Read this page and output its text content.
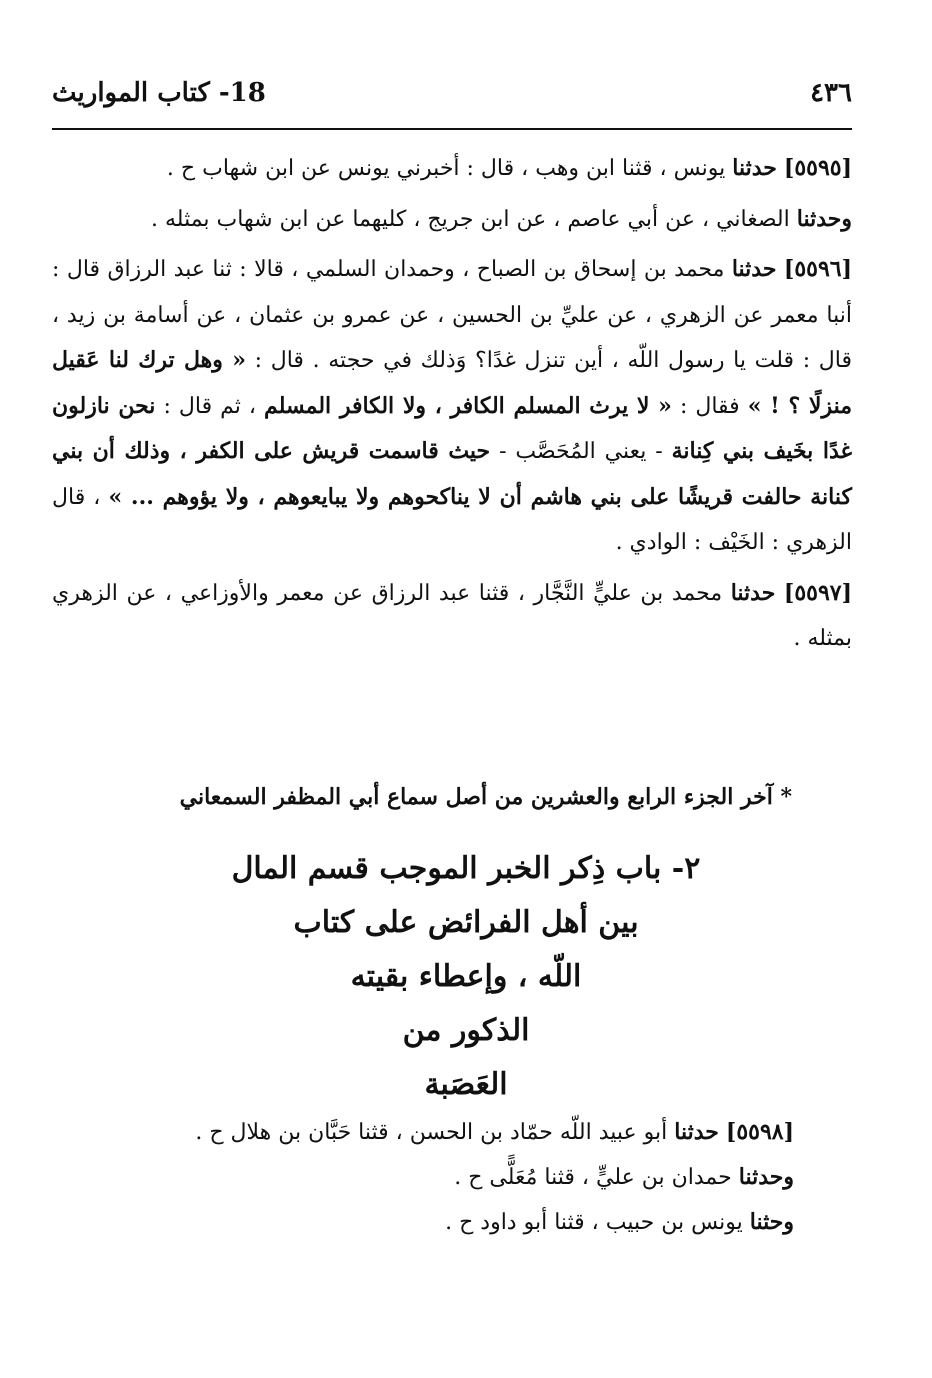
٤٣٦
18- كتاب المواريث

[٥٥٩٥] حدثنا يونس ، قثنا ابن وهب ، قال : أخبرني يونس عن ابن شهاب ح .

وحدثنا الصغاني ، عن أبي عاصم ، عن ابن جريج ، كليهما عن ابن شهاب بمثله .

[٥٥٩٦] حدثنا محمد بن إسحاق بن الصباح ، وحمدان السلمي ، قالا : ثنا عبد الرزاق قال : أنبا معمر عن الزهري ، عن عليِّ بن الحسين ، عن عمرو بن عثمان ، عن أسامة بن زيد ، قال : قلت يا رسول اللّه ، أين تنزل غدًا؟ وَذلك في حجته . قال : « وهل ترك لنا عَقيل منزلًا ؟ ! » فقال : « لا يرث المسلم الكافر ، ولا الكافر المسلم ، ثم قال : نحن نازلون غدًا بخَيف بني كِنانة - يعني المُحَصَّب - حيث قاسمت قريش على الكفر ، وذلك أن بني كنانة حالفت قريشًا على بني هاشم أن لا يناكحوهم ولا يبايعوهم ، ولا يؤوهم ... » ، قال الزهري : الخَيْف : الوادي .

[٥٥٩٧] حدثنا محمد بن عليٍّ النَّجَّار ، قثنا عبد الرزاق عن معمر والأوزاعي ، عن الزهري بمثله .

* آخر الجزء الرابع والعشرين من أصل سماع أبي المظفر السمعاني
٢- باب ذِكر الخبر الموجب قسم المال
بين أهل الفرائض على كتاب
اللّه ، وإعطاء بقيته
الذكور من
العَصَبة
[٥٥٩٨] حدثنا أبو عبيد اللّه حمّاد بن الحسن ، قثنا حَبَّان بن هلال ح .
وحدثنا حمدان بن عليٍّ ، قثنا مُعَلًّى ح .
وحثنا يونس بن حبيب ، قثنا أبو داود ح .
